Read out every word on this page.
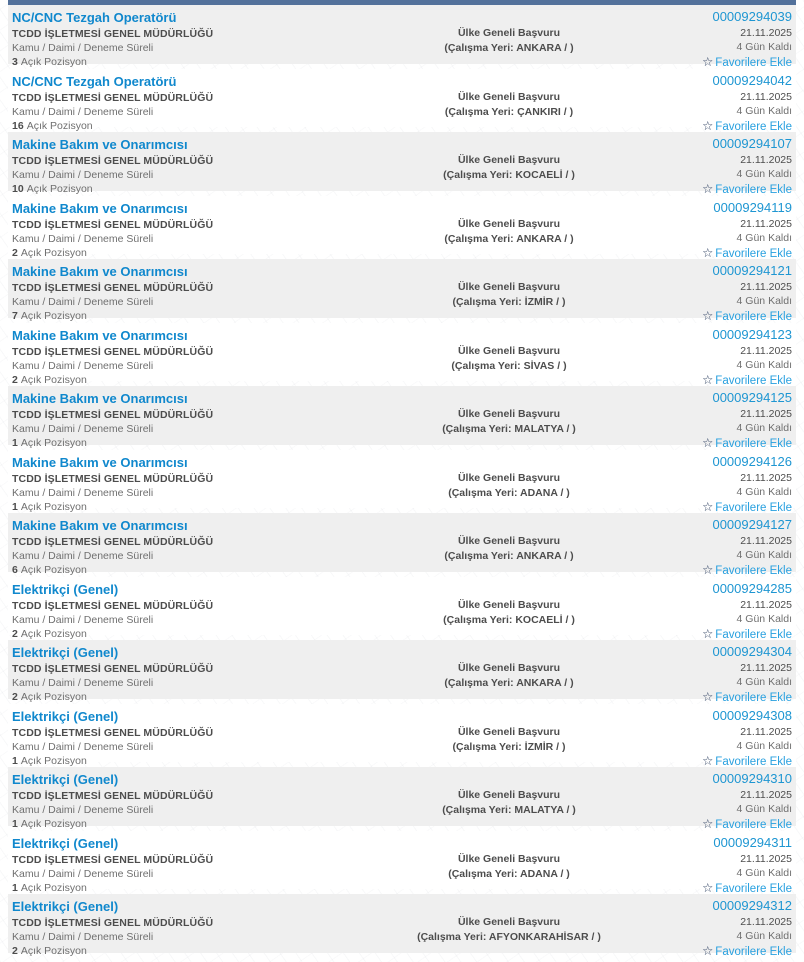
NC/CNC Tezgah Operatörü
TCDD İŞLETMESİ GENEL MÜDÜRLÜĞÜ
Kamu / Daimi / Deneme Süreli
3 Açık Pozisyon
Ülke Geneli Başvuru
(Çalışma Yeri: ANKARA / )
00009294039
21.11.2025
4 Gün Kaldı
☆ Favorilere Ekle
NC/CNC Tezgah Operatörü
TCDD İŞLETMESİ GENEL MÜDÜRLÜĞÜ
Kamu / Daimi / Deneme Süreli
16 Açık Pozisyon
Ülke Geneli Başvuru
(Çalışma Yeri: ÇANKIRI / )
00009294042
21.11.2025
4 Gün Kaldı
☆ Favorilere Ekle
Makine Bakım ve Onarımcısı
TCDD İŞLETMESİ GENEL MÜDÜRLÜĞÜ
Kamu / Daimi / Deneme Süreli
10 Açık Pozisyon
Ülke Geneli Başvuru
(Çalışma Yeri: KOCAELİ / )
00009294107
21.11.2025
4 Gün Kaldı
☆ Favorilere Ekle
Makine Bakım ve Onarımcısı
TCDD İŞLETMESİ GENEL MÜDÜRLÜĞÜ
Kamu / Daimi / Deneme Süreli
2 Açık Pozisyon
Ülke Geneli Başvuru
(Çalışma Yeri: ANKARA / )
00009294119
21.11.2025
4 Gün Kaldı
☆ Favorilere Ekle
Makine Bakım ve Onarımcısı
TCDD İŞLETMESİ GENEL MÜDÜRLÜĞÜ
Kamu / Daimi / Deneme Süreli
7 Açık Pozisyon
Ülke Geneli Başvuru
(Çalışma Yeri: İZMİR / )
00009294121
21.11.2025
4 Gün Kaldı
☆ Favorilere Ekle
Makine Bakım ve Onarımcısı
TCDD İŞLETMESİ GENEL MÜDÜRLÜĞÜ
Kamu / Daimi / Deneme Süreli
2 Açık Pozisyon
Ülke Geneli Başvuru
(Çalışma Yeri: SİVAS / )
00009294123
21.11.2025
4 Gün Kaldı
☆ Favorilere Ekle
Makine Bakım ve Onarımcısı
TCDD İŞLETMESİ GENEL MÜDÜRLÜĞÜ
Kamu / Daimi / Deneme Süreli
1 Açık Pozisyon
Ülke Geneli Başvuru
(Çalışma Yeri: MALATYA / )
00009294125
21.11.2025
4 Gün Kaldı
☆ Favorilere Ekle
Makine Bakım ve Onarımcısı
TCDD İŞLETMESİ GENEL MÜDÜRLÜĞÜ
Kamu / Daimi / Deneme Süreli
1 Açık Pozisyon
Ülke Geneli Başvuru
(Çalışma Yeri: ADANA / )
00009294126
21.11.2025
4 Gün Kaldı
☆ Favorilere Ekle
Makine Bakım ve Onarımcısı
TCDD İŞLETMESİ GENEL MÜDÜRLÜĞÜ
Kamu / Daimi / Deneme Süreli
6 Açık Pozisyon
Ülke Geneli Başvuru
(Çalışma Yeri: ANKARA / )
00009294127
21.11.2025
4 Gün Kaldı
☆ Favorilere Ekle
Elektrikçi (Genel)
TCDD İŞLETMESİ GENEL MÜDÜRLÜĞÜ
Kamu / Daimi / Deneme Süreli
2 Açık Pozisyon
Ülke Geneli Başvuru
(Çalışma Yeri: KOCAELİ / )
00009294285
21.11.2025
4 Gün Kaldı
☆ Favorilere Ekle
Elektrikçi (Genel)
TCDD İŞLETMESİ GENEL MÜDÜRLÜĞÜ
Kamu / Daimi / Deneme Süreli
2 Açık Pozisyon
Ülke Geneli Başvuru
(Çalışma Yeri: ANKARA / )
00009294304
21.11.2025
4 Gün Kaldı
☆ Favorilere Ekle
Elektrikçi (Genel)
TCDD İŞLETMESİ GENEL MÜDÜRLÜĞÜ
Kamu / Daimi / Deneme Süreli
1 Açık Pozisyon
Ülke Geneli Başvuru
(Çalışma Yeri: İZMİR / )
00009294308
21.11.2025
4 Gün Kaldı
☆ Favorilere Ekle
Elektrikçi (Genel)
TCDD İŞLETMESİ GENEL MÜDÜRLÜĞÜ
Kamu / Daimi / Deneme Süreli
1 Açık Pozisyon
Ülke Geneli Başvuru
(Çalışma Yeri: MALATYA / )
00009294310
21.11.2025
4 Gün Kaldı
☆ Favorilere Ekle
Elektrikçi (Genel)
TCDD İŞLETMESİ GENEL MÜDÜRLÜĞÜ
Kamu / Daimi / Deneme Süreli
1 Açık Pozisyon
Ülke Geneli Başvuru
(Çalışma Yeri: ADANA / )
00009294311
21.11.2025
4 Gün Kaldı
☆ Favorilere Ekle
Elektrikçi (Genel)
TCDD İŞLETMESİ GENEL MÜDÜRLÜĞÜ
Kamu / Daimi / Deneme Süreli
2 Açık Pozisyon
Ülke Geneli Başvuru
(Çalışma Yeri: AFYONKARAHİSAR / )
00009294312
21.11.2025
4 Gün Kaldı
☆ Favorilere Ekle
